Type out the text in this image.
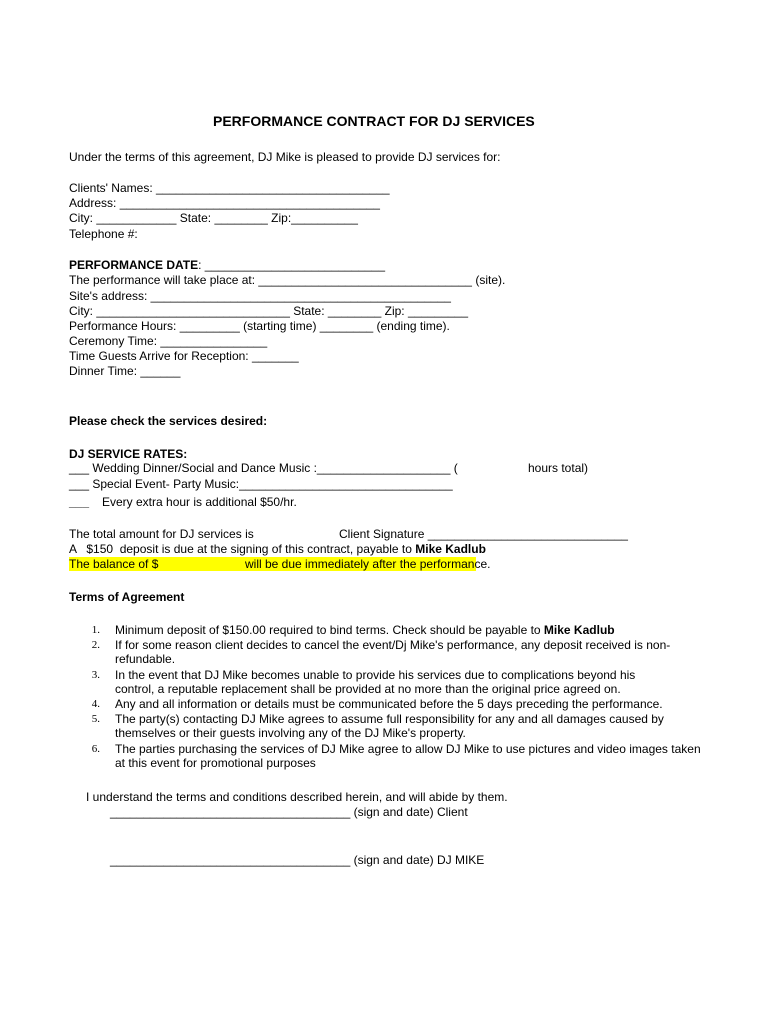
PERFORMANCE CONTRACT FOR DJ SERVICES
Under the terms of this agreement, DJ Mike is pleased to provide DJ services for:
Clients' Names: ___________________________________
Address: _______________________________________
City: ____________ State: ________ Zip:__________
Telephone #:
PERFORMANCE DATE: ___________________________
The performance will take place at: ________________________________ (site).
Site's address: _____________________________________________
City: _____________________________ State: ________ Zip: _________
Performance Hours: _________ (starting time) ________ (ending time).
Ceremony Time: ________________
Time Guests Arrive for Reception: _______
Dinner Time: ______
Please check the services desired:
DJ SERVICE RATES:
___ Wedding Dinner/Social and Dance Music :____________________ (	hours total)
___ Special Event- Party Music:________________________________
___ Every extra hour is additional $50/hr.
The total amount for DJ services is	Client Signature ______________________________
A   $150  deposit is due at the signing of this contract, payable to Mike Kadlub
The balance of $	will be due immediately after the performance.
Terms of Agreement
1. Minimum deposit of $150.00 required to bind terms. Check should be payable to Mike Kadlub
2. If for some reason client decides to cancel the event/Dj Mike's performance, any deposit received is non-refundable.
3. In the event that DJ Mike becomes unable to provide his services due to complications beyond his control, a reputable replacement shall be provided at no more than the original price agreed on.
4. Any and all information or details must be communicated before the 5 days preceding the performance.
5. The party(s) contacting DJ Mike agrees to assume full responsibility for any and all damages caused by themselves or their guests involving any of the DJ Mike's property.
6. The parties purchasing the services of DJ Mike agree to allow DJ Mike to use pictures and video images taken at this event for promotional purposes
I understand the terms and conditions described herein, and will abide by them.
____________________________________ (sign and date) Client
____________________________________ (sign and date) DJ MIKE
